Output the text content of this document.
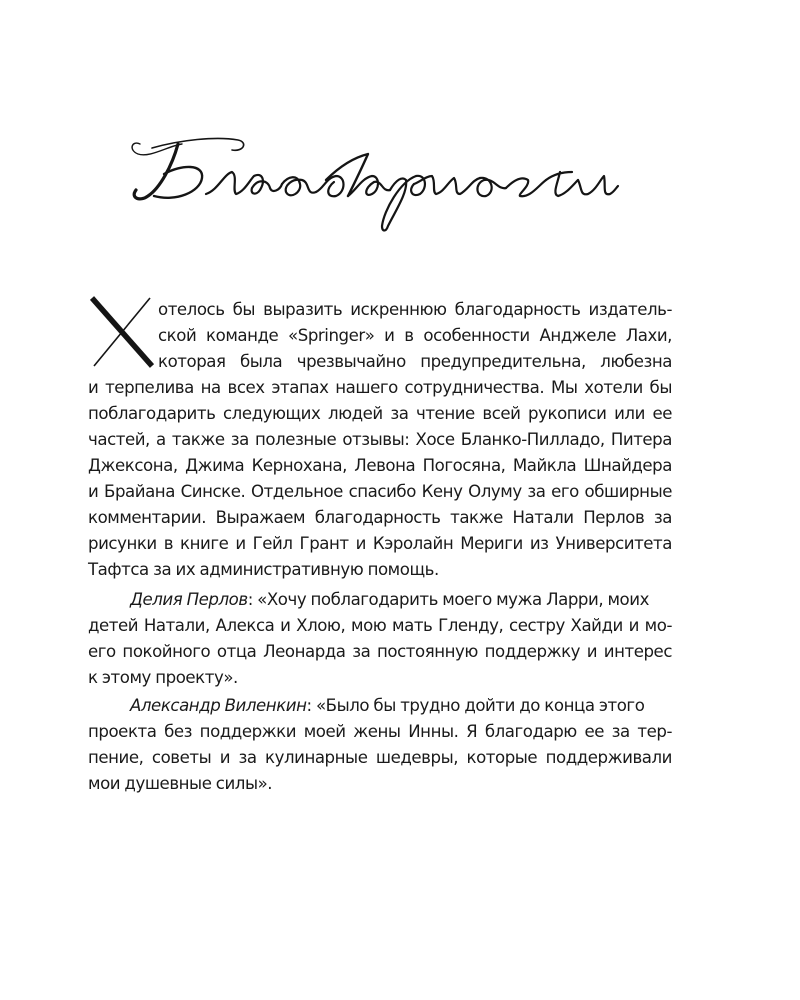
отелось бы выразить искреннюю благодарность издатель-
ской команде «Springer» и в особенности Анджеле Лахи,
которая была чрезвычайно предупредительна, любезна
и терпелива на всех этапах нашего сотрудничества. Мы хотели бы
поблагодарить следующих людей за чтение всей рукописи или ее
частей, а также за полезные отзывы: Хосе Бланко-Пилладо, Питера
Джексона, Джима Кернохана, Левона Погосяна, Майкла Шнайдера
и Брайана Синске. Отдельное спасибо Кену Олуму за его обширные
комментарии. Выражаем благодарность также Натали Перлов за
рисунки в книге и Гейл Грант и Кэролайн Мериги из Университета
Тафтса за их административную помощь.
Делия Перлов: «Хочу поблагодарить моего мужа Ларри, моих
детей Натали, Алекса и Хлою, мою мать Гленду, сестру Хайди и мо-
его покойного отца Леонарда за постоянную поддержку и интерес
к этому проекту».
Александр Виленкин: «Было бы трудно дойти до конца этого
проекта без поддержки моей жены Инны. Я благодарю ее за тер-
пение, советы и за кулинарные шедевры, которые поддерживали
мои душевные силы».
